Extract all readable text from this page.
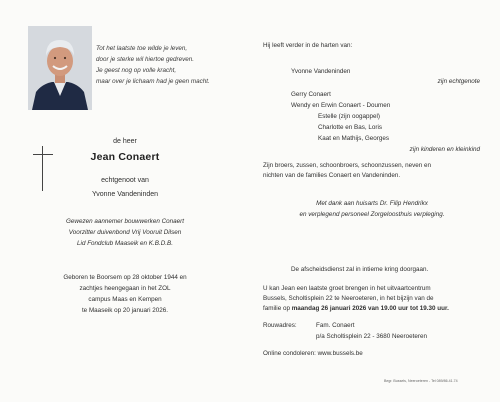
Tot het laatste toe wilde je leven,
door je sterke wil hiertoe gedreven.
Je geest nog op volle kracht,
maar over je lichaam had je geen macht.
de heer
Jean Conaert
echtgenoot van
Yvonne Vandeninden
Gewezen aannemer bouwwerken Conaert
Voorzitter duivenbond Vrij Vooruit Dilsen
Lid Fondclub Maaseik en K.B.D.B.
Geboren te Boorsem op 28 oktober 1944 en
zachtjes heengegaan in het ZOL
campus Maas en Kempen
te Maaseik op 20 januari 2026.
Hij leeft verder in de harten van:
Yvonne Vandeninden
zijn echtgenote
Gerry Conaert
Wendy en Erwin Conaert - Doumen
Estelle (zijn oogappel)
Charlotte en Bas, Loris
Kaat en Mathijs, Georges
zijn kinderen en kleinkind
Zijn broers, zussen, schoonbroers, schoonzussen, neven en
nichten van de families Conaert en Vandeninden.
Met dank aan huisarts Dr. Filip Hendrikx
en verplegend personeel Zorgeloosthuis verpleging.
De afscheidsdienst zal in intieme kring doorgaan.
U kan Jean een laatste groet brengen in het uitvaartcentrum
Bussels, Scholtisplein 22 te Neeroeteren, in het bijzijn van de
familie op maandag 26 januari 2026 van 19.00 uur tot 19.30 uur.
Rouwadres:	Fam. Conaert
p/a Scholtisplein 22 - 3680 Neeroeteren
Online condoleren: www.bussels.be
Begr. Bussels, Neeroeteren - Tel 089/86.41.74
